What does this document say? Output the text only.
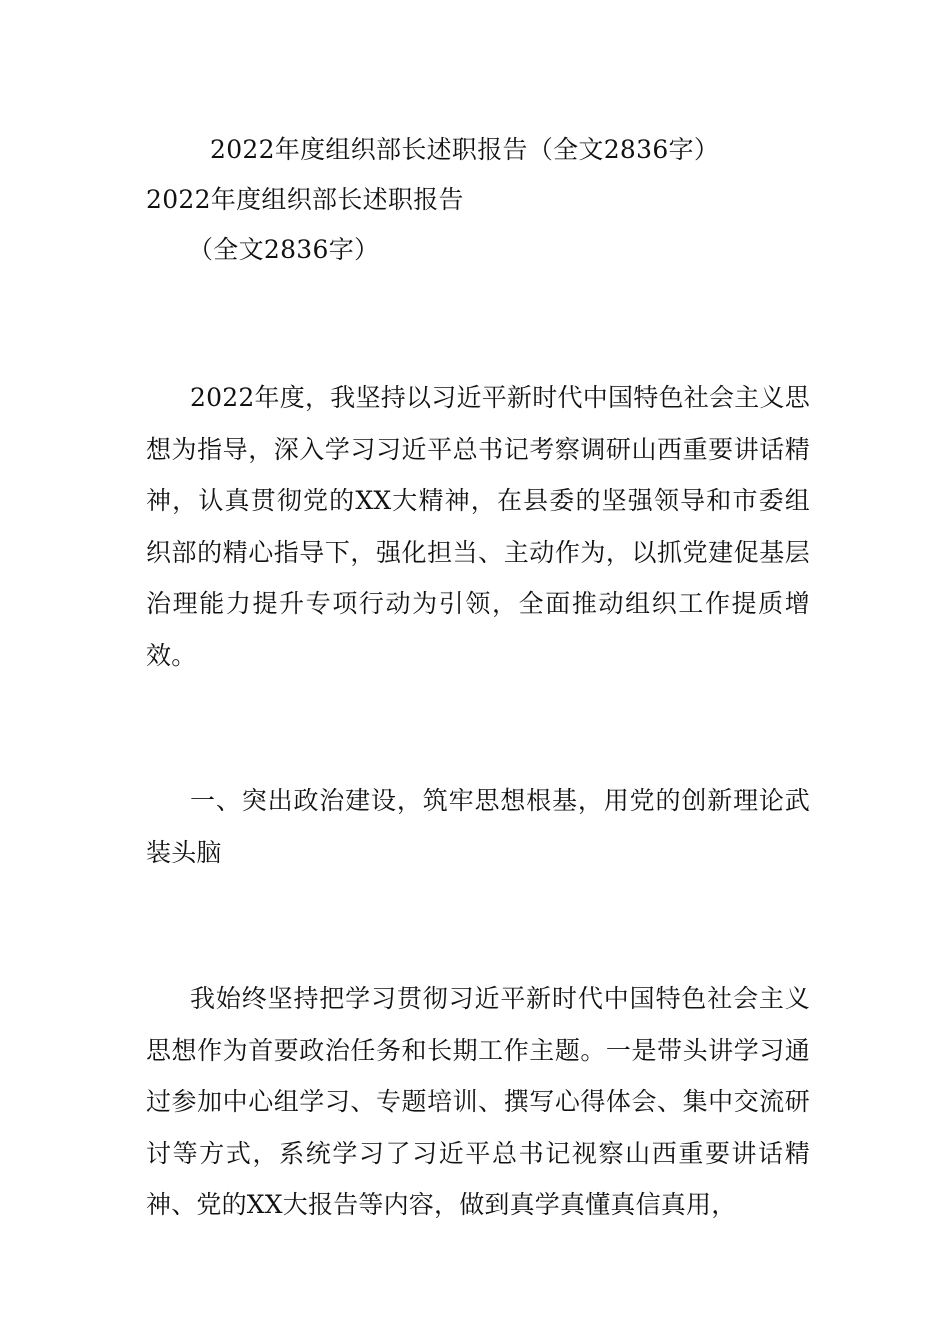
2022年度组织部长述职报告（全文2836字）
2022年度组织部长述职报告
（全文2836字）

2022年度，我坚持以习近平新时代中国特色社会主义思想为指导，深入学习习近平总书记考察调研山西重要讲话精神，认真贯彻党的XX大精神，在县委的坚强领导和市委组织部的精心指导下，强化担当、主动作为，以抓党建促基层治理能力提升专项行动为引领，全面推动组织工作提质增效。

一、突出政治建设，筑牢思想根基，用党的创新理论武装头脑

我始终坚持把学习贯彻习近平新时代中国特色社会主义思想作为首要政治任务和长期工作主题。一是带头讲学习通过参加中心组学习、专题培训、撰写心得体会、集中交流研讨等方式，系统学习了习近平总书记视察山西重要讲话精神、党的XX大报告等内容，做到真学真懂真信真用，
